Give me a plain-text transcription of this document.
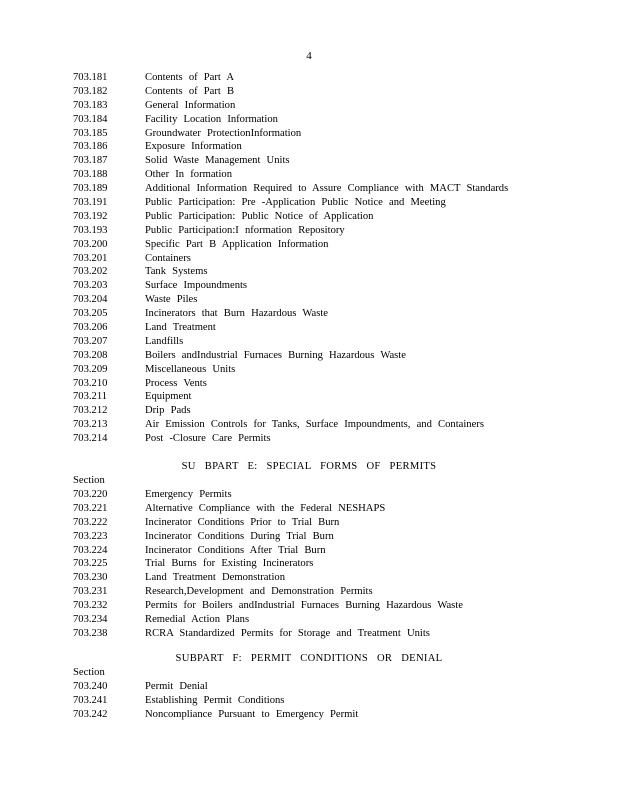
4
703.181	Contents of Part A
703.182	Contents of Part B
703.183	General Information
703.184	Facility Location Information
703.185	Groundwater ProtectionInformation
703.186	Exposure Information
703.187	Solid Waste Management Units
703.188	Other In formation
703.189	Additional Information Required to Assure Compliance with MACT Standards
703.191	Public Participation: Pre -Application Public Notice and Meeting
703.192	Public Participation: Public Notice of Application
703.193	Public Participation:I nformation Repository
703.200	Specific Part B Application Information
703.201	Containers
703.202	Tank Systems
703.203	Surface Impoundments
703.204	Waste Piles
703.205	Incinerators that Burn Hazardous Waste
703.206	Land Treatment
703.207	Landfills
703.208	Boilers andIndustrial Furnaces Burning Hazardous Waste
703.209	Miscellaneous Units
703.210	Process Vents
703.211	Equipment
703.212	Drip Pads
703.213	Air Emission Controls for Tanks, Surface Impoundments, and Containers
703.214	Post -Closure Care Permits
SU BPART E: SPECIAL FORMS OF PERMITS
Section
703.220	Emergency Permits
703.221	Alternative Compliance with the Federal NESHAPS
703.222	Incinerator Conditions Prior to Trial Burn
703.223	Incinerator Conditions During Trial Burn
703.224	Incinerator Conditions After Trial Burn
703.225	Trial Burns for Existing Incinerators
703.230	Land Treatment Demonstration
703.231	Research,Development and Demonstration Permits
703.232	Permits for Boilers andIndustrial Furnaces Burning Hazardous Waste
703.234	Remedial Action Plans
703.238	RCRA Standardized Permits for Storage and Treatment Units
SUBPART F: PERMIT CONDITIONS OR DENIAL
Section
703.240	Permit Denial
703.241	Establishing Permit Conditions
703.242	Noncompliance Pursuant to Emergency Permit
